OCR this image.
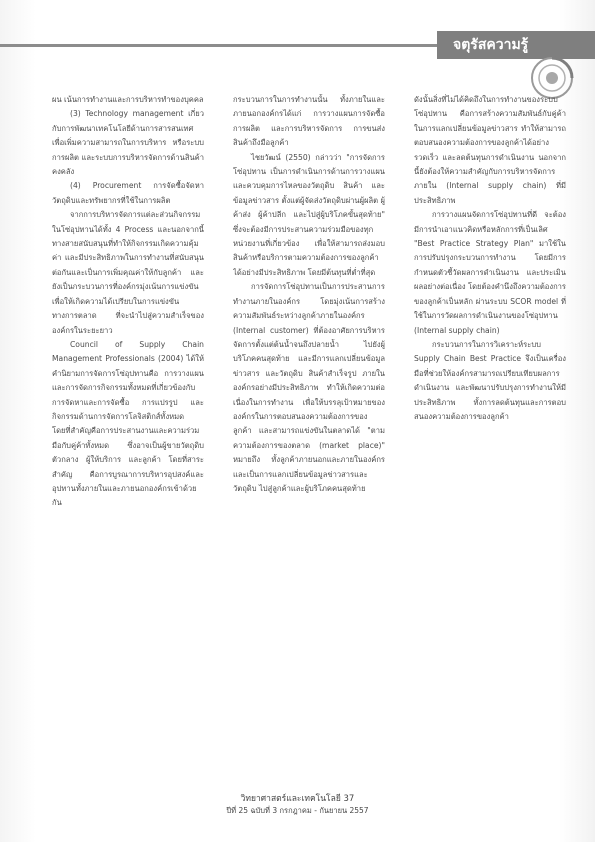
จตุรัสความรู้

ผน เน้นการทำงานและการบริหารทำของบุคคล

(3) Technology management เกี่ยวกับการพัฒนาเทคโนโลยีด้านการสารสนเทศเพื่อเพิ่มความสามารถในการบริหาร หรือระบบการผลิต และระบบการบริหารจัดการด้านสินค้าคงคลัง

(4) Procurement การจัดซื้อจัดหาวัตถุดิบและทรัพยากรที่ใช้ในการผลิต

จากการบริหารจัดการแต่ละส่วนกิจกรรมในโซ่อุปทานได้ทั้ง 4 Process และนอกจากนี้ทางสายสนับสนุนที่ทำให้กิจกรรมเกิดความคุ้มค่า และมีประสิทธิภาพในการทำงานที่สนับสนุนต่อกันและเป็นการเพิ่มคุณค่าให้กับลูกค้า และยังเป็นกระบวนการที่องค์กรมุ่งเน้นการแข่งขันเพื่อให้เกิดความได้เปรียบในการแข่งขันทางการตลาด ที่จะนำไปสู่ความสำเร็จขององค์กรในระยะยาว

Council of Supply Chain Management Professionals (2004) ได้ให้คำนิยามการจัดการโซ่อุปทานคือ การวางแผนและการจัดการกิจกรรมทั้งหมดที่เกี่ยวข้องกับการจัดหาและการจัดซื้อ การแปรรูป และกิจกรรมด้านการจัดการโลจิสติกส์ทั้งหมด โดยที่สำคัญคือการประสานงานและความร่วมมือกับคู่ค้าทั้งหมด ซึ่งอาจเป็นผู้ขายวัตถุดิบ ตัวกลาง ผู้ให้บริการ และลูกค้า โดยที่สาระสำคัญ คือการบูรณาการบริหารอุปสงค์และอุปทานทั้งภายในและภายนอกองค์กรเข้าด้วยกัน

กระบวนการในการทำงานนั้น ทั้งภายในและภายนอกองค์กรได้แก่ การวางแผนการจัดซื้อ การผลิต และการบริหารจัดการ การขนส่งสินค้าถึงมือลูกค้า

ไชยวัฒน์ (2550) กล่าวว่า "การจัดการโซ่อุปทาน เป็นการดำเนินการด้านการวางแผนและควบคุมการไหลของวัตถุดิบ สินค้า และข้อมูลข่าวสาร ตั้งแต่ผู้จัดส่งวัตถุดิบผ่านผู้ผลิต ผู้ค้าส่ง ผู้ค้าปลีก และไปสู่ผู้บริโภคขั้นสุดท้าย" ซึ่งจะต้องมีการประสานความร่วมมือของทุกหน่วยงานที่เกี่ยวข้อง เพื่อให้สามารถส่งมอบสินค้าหรือบริการตามความต้องการของลูกค้าได้อย่างมีประสิทธิภาพ โดยมีต้นทุนที่ต่ำที่สุด

การจัดการโซ่อุปทานเป็นการประสานการทำงานภายในองค์กร โดยมุ่งเน้นการสร้างความสัมพันธ์ระหว่างลูกค้าภายในองค์กร (Internal customer) ที่ต้องอาศัยการบริหารจัดการตั้งแต่ต้นน้ำจนถึงปลายน้ำ ไปยังผู้บริโภคคนสุดท้าย และมีการแลกเปลี่ยนข้อมูลข่าวสาร และวัตถุดิบ สินค้าสำเร็จรูป ภายในองค์กรอย่างมีประสิทธิภาพ ทำให้เกิดความต่อเนื่องในการทำงาน เพื่อให้บรรลุเป้าหมายขององค์กรในการตอบสนองความต้องการของลูกค้า และสามารถแข่งขันในตลาดได้ "ตามความต้องการของตลาด (market place)" หมายถึง ทั้งลูกค้าภายนอกและภายในองค์กร และเป็นการแลกเปลี่ยนข้อมูลข่าวสารและวัตถุดิบ ไปสู่ลูกค้าและผู้บริโภคคนสุดท้าย

ดังนั้นสิ่งที่ไม่ได้คิดถึงในการทำงานของระบบโซ่อุปทาน คือการสร้างความสัมพันธ์กับคู่ค้า ในการแลกเปลี่ยนข้อมูลข่าวสาร ทำให้สามารถตอบสนองความต้องการของลูกค้าได้อย่างรวดเร็ว และลดต้นทุนการดำเนินงาน นอกจากนี้ยังต้องให้ความสำคัญกับการบริหารจัดการภายใน (Internal supply chain) ที่มีประสิทธิภาพ

การวางแผนจัดการโซ่อุปทานที่ดี จะต้องมีการนำเอาแนวคิดหรือหลักการที่เป็นเลิศ "Best Practice Strategy Plan" มาใช้ในการปรับปรุงกระบวนการทำงาน โดยมีการกำหนดตัวชี้วัดผลการดำเนินงาน และประเมินผลอย่างต่อเนื่อง โดยต้องคำนึงถึงความต้องการของลูกค้าเป็นหลัก ผ่านระบบ SCOR model ที่ใช้ในการวัดผลการดำเนินงานของโซ่อุปทาน (Internal supply chain)

กระบวนการในการวิเคราะห์ระบบ Supply Chain Best Practice จึงเป็นเครื่องมือที่ช่วยให้องค์กรสามารถเปรียบเทียบผลการดำเนินงาน และพัฒนาปรับปรุงการทำงานให้มีประสิทธิภาพ ทั้งการลดต้นทุนและการตอบสนองความต้องการของลูกค้า

วิทยาศาสตร์และเทคโนโลยี 37
ปีที่ 25 ฉบับที่ 3 กรกฎาคม - กันยายน 2557
